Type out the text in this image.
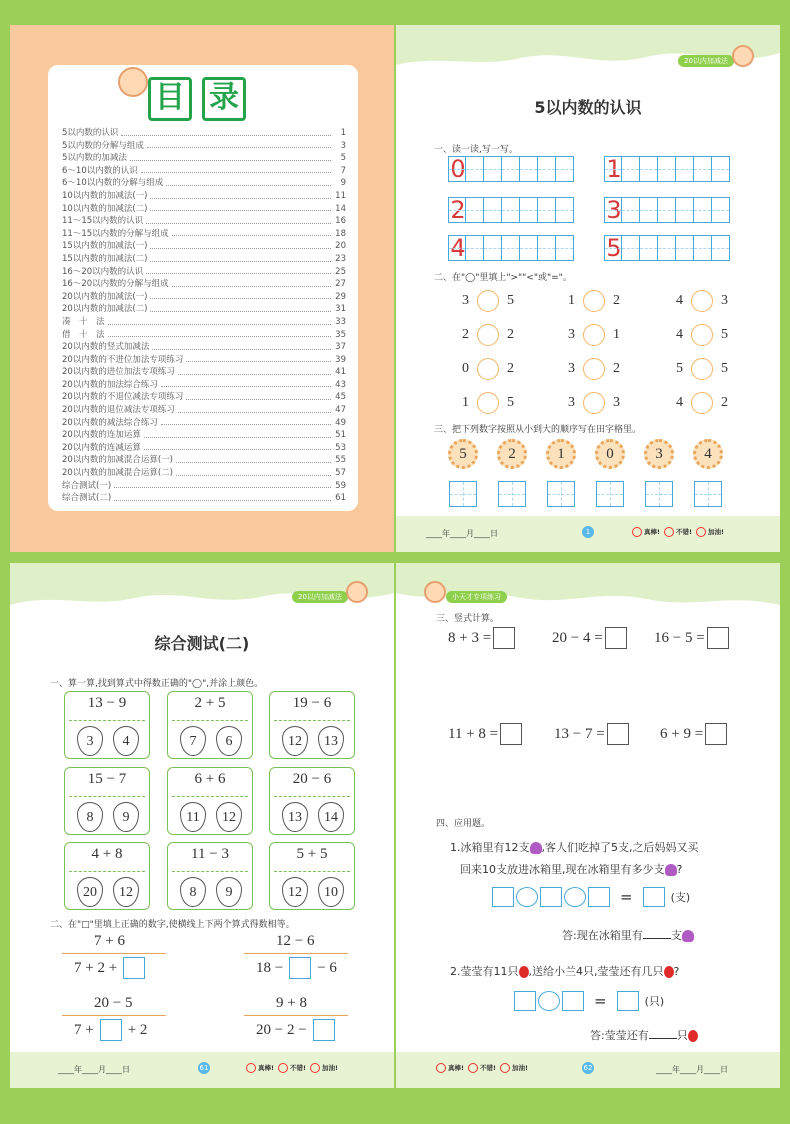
目 录
5以内数的认识	1
5以内数的分解与组成	3
5以内数的加减法	5
6～10以内数的认识	7
6～10以内数的分解与组成	9
10以内数的加减法(一)	11
10以内数的加减法(二)	14
11～15以内数的认识	16
11～15以内数的分解与组成	18
15以内数的加减法(一)	20
15以内数的加减法(二)	23
16～20以内数的认识	25
16～20以内数的分解与组成	27
20以内数的加减法(一)	29
20以内数的加减法(二)	31
凑　十　法	33
借　十　法	35
20以内数的竖式加减法	37
20以内数的不进位加法专项练习	39
20以内数的进位加法专项练习	41
20以内数的加法综合练习	43
20以内数的不退位减法专项练习	45
20以内数的退位减法专项练习	47
20以内数的减法综合练习	49
20以内数的连加运算	51
20以内数的连减运算	53
20以内数的加减混合运算(一)	55
20以内数的加减混合运算(二)	57
综合测试(一)	59
综合测试(二)	61
20以内加减法
5以内数的认识
一、读一读,写一写。
0	1
2	3
4	5
二、在"◯"里填上">""<"或"="。
3	5	1	2	4	3
2	2	3	1	4	5
0	2	3	2	5	5
1	5	3	3	4	2
三、把下列数字按照从小到大的顺序写在田字格里。
5	2	1	0	3	4
____年____月____日	1	真棒!	不错!	加油!
20以内加减法
综合测试(二)
一、算一算,找到算式中得数正确的"◯",并涂上颜色。
13 − 9
3	4
2 + 5
7	6
19 − 6
12	13
15 − 7
8	9
6 + 6
11	12
20 − 6
13	14
4 + 8
20	12
11 − 3
8	9
5 + 5
12	10
二、在"□"里填上正确的数字,使横线上下两个算式得数相等。
7 + 6
7 + 2 +
12 − 6
18 − − 6
20 − 5
7 + + 2
9 + 8
20 − 2 −
____年____月____日	61	真棒!	不错!	加油!
小天才专项练习
三、竖式计算。
8 + 3 =	20 − 4 =	16 − 5 =
11 + 8 =	13 − 7 =	6 + 9 =
四、应用题。
1.冰箱里有12支 ,客人们吃掉了5支,之后妈妈又买
回来10支放进冰箱里,现在冰箱里有多少支 ?
=	(支)
答:现在冰箱里有	支
2.莹莹有11只 ,送给小兰4只,莹莹还有几只 ?
=	(只)
答:莹莹还有	只
真棒!	不错!	加油!	62	____年____月____日
